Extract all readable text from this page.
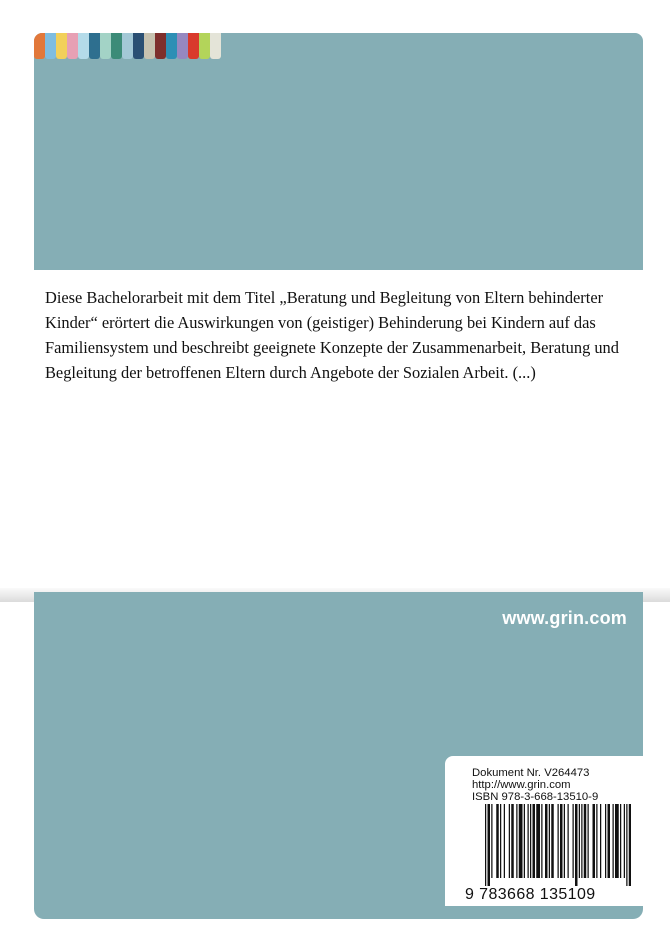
Diese Bachelorarbeit mit dem Titel „Beratung und Begleitung von Eltern behinderter Kinder“ erörtert die Auswirkungen von (geistiger) Behinderung bei Kindern auf das Familiensystem und beschreibt geeignete Konzepte der Zusammenarbeit, Beratung und Begleitung der betroffenen Eltern durch Angebote der Sozialen Arbeit. (...)

www.grin.com
Dokument Nr. V264473
http://www.grin.com
ISBN 978-3-668-13510-9
9 783668 135109
